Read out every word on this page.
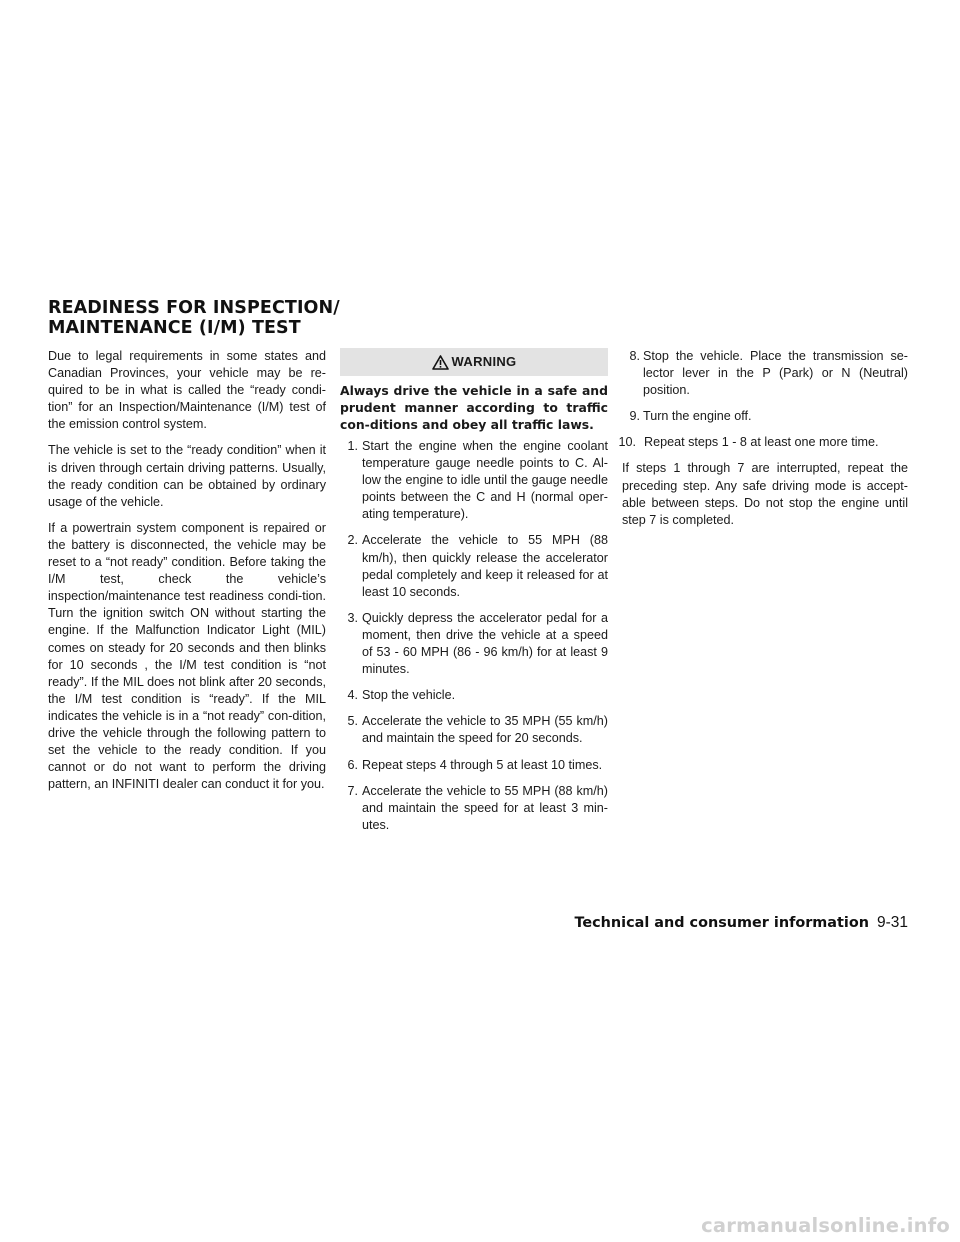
READINESS FOR INSPECTION/
MAINTENANCE (I/M) TEST

Due to legal requirements in some states and Canadian Provinces, your vehicle may be re-quired to be in what is called the “ready condi-tion” for an Inspection/Maintenance (I/M) test of the emission control system.

The vehicle is set to the “ready condition” when it is driven through certain driving patterns. Usually, the ready condition can be obtained by ordinary usage of the vehicle.

If a powertrain system component is repaired or the battery is disconnected, the vehicle may be reset to a “not ready” condition. Before taking the I/M test, check the vehicle’s inspection/maintenance test readiness condi-tion. Turn the ignition switch ON without starting the engine. If the Malfunction Indicator Light (MIL) comes on steady for 20 seconds and then blinks for 10 seconds , the I/M test condition is “not ready”. If the MIL does not blink after 20 seconds, the I/M test condition is “ready”. If the MIL indicates the vehicle is in a “not ready” con-dition, drive the vehicle through the following pattern to set the vehicle to the ready condition. If you cannot or do not want to perform the driving pattern, an INFINITI dealer can conduct it for you.

WARNING
Always drive the vehicle in a safe and prudent manner according to traffic con-ditions and obey all traffic laws.
1. Start the engine when the engine coolant temperature gauge needle points to C. Al-low the engine to idle until the gauge needle points between the C and H (normal oper-ating temperature).
2. Accelerate the vehicle to 55 MPH (88 km/h), then quickly release the accelerator pedal completely and keep it released for at least 10 seconds.
3. Quickly depress the accelerator pedal for a moment, then drive the vehicle at a speed of 53 - 60 MPH (86 - 96 km/h) for at least 9 minutes.
4. Stop the vehicle.
5. Accelerate the vehicle to 35 MPH (55 km/h) and maintain the speed for 20 seconds.
6. Repeat steps 4 through 5 at least 10 times.
7. Accelerate the vehicle to 55 MPH (88 km/h) and maintain the speed for at least 3 min-utes.
8. Stop the vehicle. Place the transmission se-lector lever in the P (Park) or N (Neutral) position.
9. Turn the engine off.
10. Repeat steps 1 - 8 at least one more time.

If steps 1 through 7 are interrupted, repeat the preceding step. Any safe driving mode is accept-able between steps. Do not stop the engine until step 7 is completed.

Technical and consumer information 9-31
carmanualsonline.info
